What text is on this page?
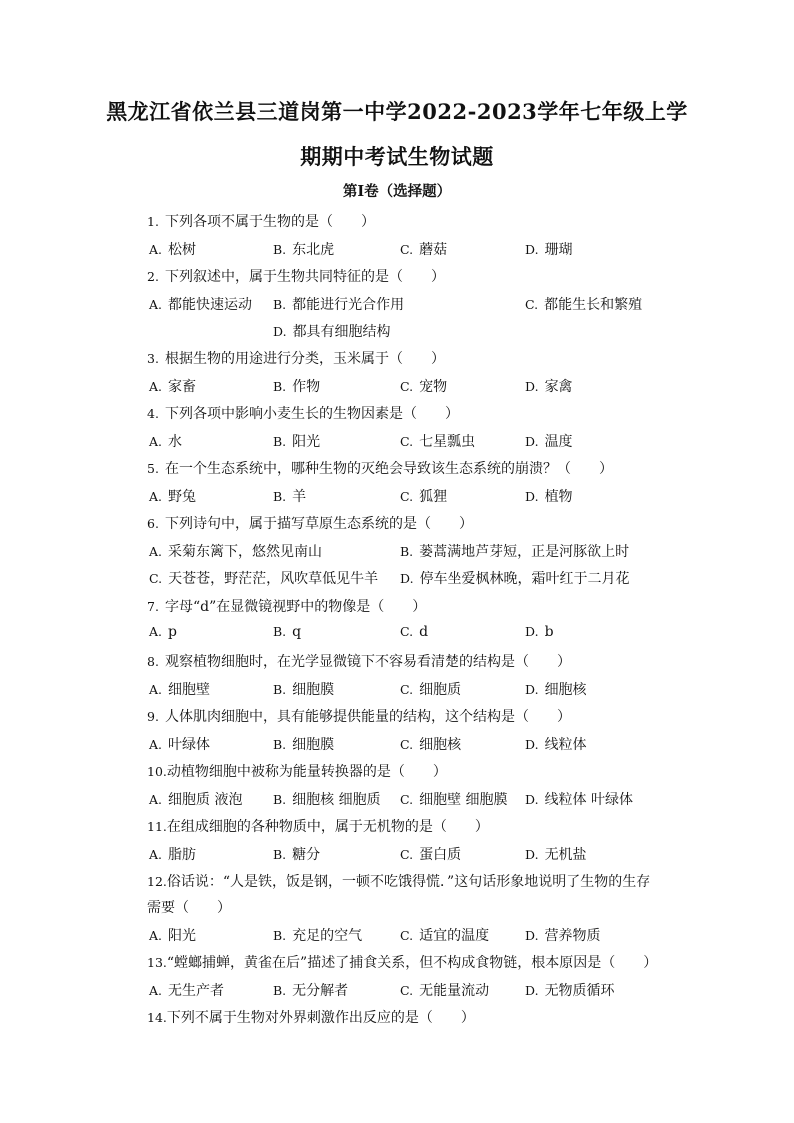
黑龙江省依兰县三道岗第一中学2022-2023学年七年级上学
期期中考试生物试题
第I卷（选择题）
1. 下列各项不属于生物的是（　　）
A. 松树	B. 东北虎	C. 蘑菇	D. 珊瑚
2. 下列叙述中，属于生物共同特征的是（　　）
A. 都能快速运动 B. 都能进行光合作用	C. 都能生长和繁殖
D. 都具有细胞结构
3. 根据生物的用途进行分类，玉米属于（　　）
A. 家畜	B. 作物	C. 宠物	D. 家禽
4. 下列各项中影响小麦生长的生物因素是（　　）
A. 水	B. 阳光	C. 七星瓢虫	D. 温度
5. 在一个生态系统中，哪种生物的灭绝会导致该生态系统的崩溃？（　　）
A. 野兔	B. 羊	C. 狐狸	D. 植物
6. 下列诗句中，属于描写草原生态系统的是（　　）
A. 采菊东篱下，悠然见南山	B. 蒌蒿满地芦芽短，正是河豚欲上时
C. 天苍苍，野茫茫，风吹草低见牛羊 D. 停车坐爱枫林晚，霜叶红于二月花
7. 字母“d”在显微镜视野中的物像是（　　）
A. p	B. q	C. d	D. b
8. 观察植物细胞时，在光学显微镜下不容易看清楚的结构是（　　）
A. 细胞壁	B. 细胞膜	C. 细胞质	D. 细胞核
9. 人体肌肉细胞中，具有能够提供能量的结构，这个结构是（　　）
A. 叶绿体	B. 细胞膜	C. 细胞核	D. 线粒体
10.动植物细胞中被称为能量转换器的是（　　）
A. 细胞质 液泡 B. 细胞核 细胞质 C. 细胞壁 细胞膜 D. 线粒体 叶绿体
11.在组成细胞的各种物质中，属于无机物的是（　　）
A. 脂肪	B. 糖分	C. 蛋白质	D. 无机盐
12.俗话说：“人是铁，饭是钢，一顿不吃饿得慌．”这句话形象地说明了生物的生存
需要（　　）
A. 阳光	B. 充足的空气	C. 适宜的温度	D. 营养物质
13.“螳螂捕蝉，黄雀在后”描述了捕食关系，但不构成食物链，根本原因是（　　）
A. 无生产者	B. 无分解者	C. 无能量流动	D. 无物质循环
14.下列不属于生物对外界刺激作出反应的是（　　）
